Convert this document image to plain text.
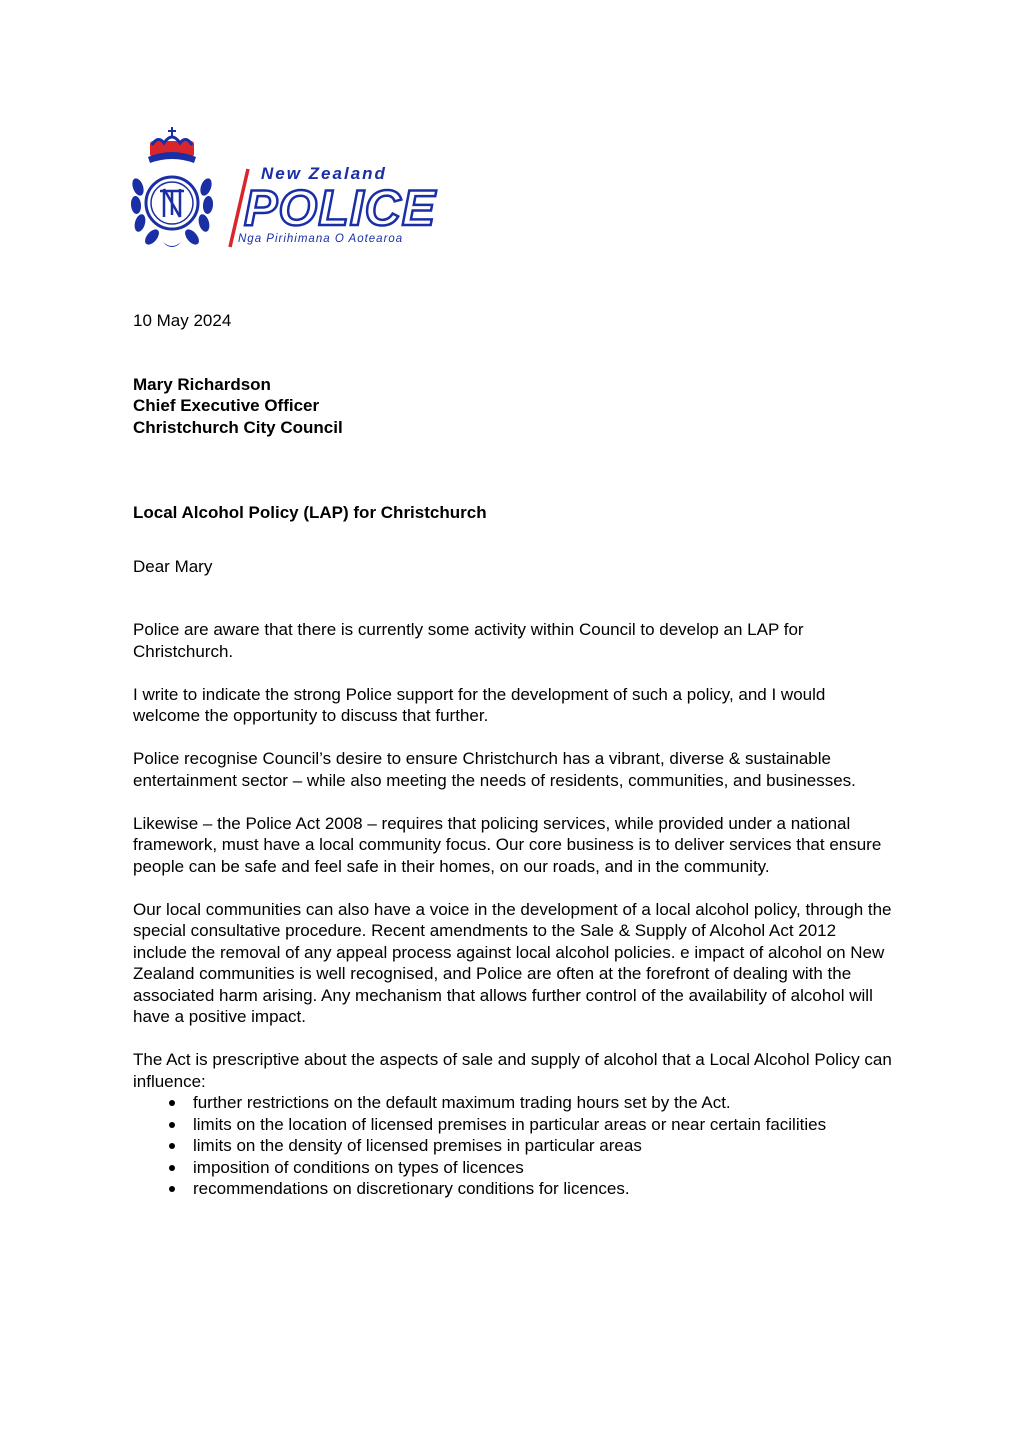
New Zealand
POLICE
Nga Pirihimana O Aotearoa
10 May 2024
Mary Richardson
Chief Executive Officer
Christchurch City Council
Local Alcohol Policy (LAP) for Christchurch
Dear Mary

Police are aware that there is currently some activity within Council to develop an LAP for Christchurch.

I write to indicate the strong Police support for the development of such a policy, and I would welcome the opportunity to discuss that further.

Police recognise Council’s desire to ensure Christchurch has a vibrant, diverse & sustainable entertainment sector – while also meeting the needs of residents, communities, and businesses.

Likewise – the Police Act 2008 – requires that policing services, while provided under a national framework, must have a local community focus. Our core business is to deliver services that ensure people can be safe and feel safe in their homes, on our roads, and in the community.

Our local communities can also have a voice in the development of a local alcohol policy, through the special consultative procedure. Recent amendments to the Sale & Supply of Alcohol Act 2012 include the removal of any appeal process against local alcohol policies. e impact of alcohol on New Zealand communities is well recognised, and Police are often at the forefront of dealing with the associated harm arising. Any mechanism that allows further control of the availability of alcohol will have a positive impact.

The Act is prescriptive about the aspects of sale and supply of alcohol that a Local Alcohol Policy can influence:

further restrictions on the default maximum trading hours set by the Act.
limits on the location of licensed premises in particular areas or near certain facilities
limits on the density of licensed premises in particular areas
imposition of conditions on types of licences
recommendations on discretionary conditions for licences.
